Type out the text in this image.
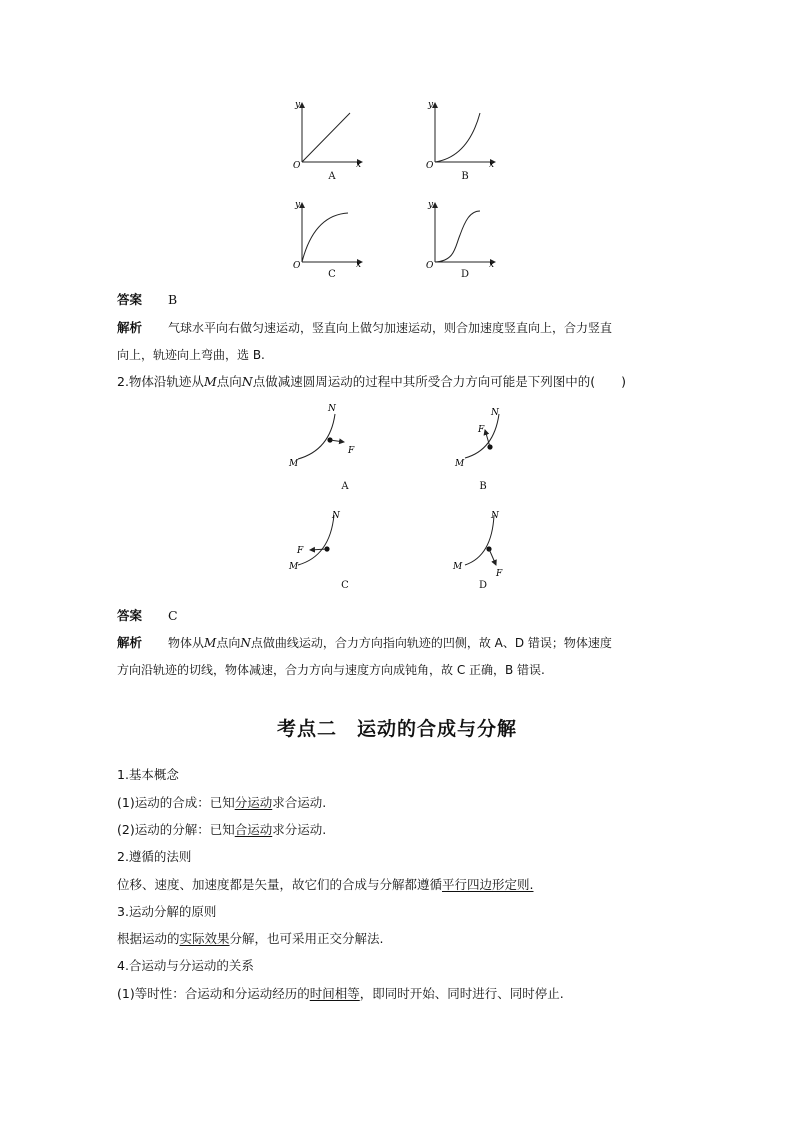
y
x
O
y
x
O
y
x
O
y
x
O
A	B
C	D
答案 B
解析 气球水平向右做匀速运动，竖直向上做匀加速运动，则合加速度竖直向上，合力竖直
向上，轨迹向上弯曲，选 B.
2.物体沿轨迹从M点向N点做减速圆周运动的过程中其所受合力方向可能是下列图中的( )
N
M
F
N
M
F
N
M
F
N
M
F
A	B
C	D
答案 C
解析 物体从M点向N点做曲线运动，合力方向指向轨迹的凹侧，故 A、D 错误；物体速度
方向沿轨迹的切线，物体减速，合力方向与速度方向成钝角，故 C 正确，B 错误.
考点二　运动的合成与分解
1.基本概念
(1)运动的合成：已知分运动求合运动.
(2)运动的分解：已知合运动求分运动.
2.遵循的法则
位移、速度、加速度都是矢量，故它们的合成与分解都遵循平行四边形定则.
3.运动分解的原则
根据运动的实际效果分解，也可采用正交分解法.
4.合运动与分运动的关系
(1)等时性：合运动和分运动经历的时间相等，即同时开始、同时进行、同时停止.
